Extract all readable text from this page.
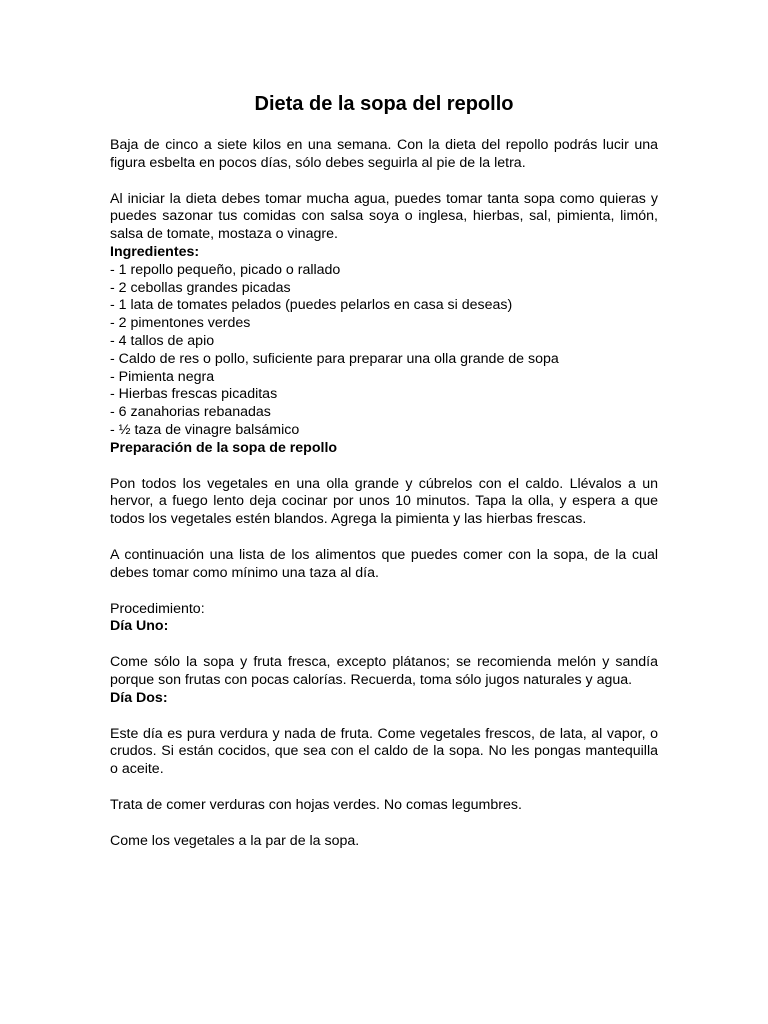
Dieta de la sopa del repollo

Baja de cinco a siete kilos en una semana. Con la dieta del repollo podrás lucir una figura esbelta en pocos días, sólo debes seguirla al pie de la letra.

Al iniciar la dieta debes tomar mucha agua, puedes tomar tanta sopa como quieras y puedes sazonar tus comidas con salsa soya o inglesa, hierbas, sal, pimienta, limón, salsa de tomate, mostaza o vinagre.

Ingredientes:

- 1 repollo pequeño, picado o rallado
- 2 cebollas grandes picadas
- 1 lata de tomates pelados (puedes pelarlos en casa si deseas)
- 2 pimentones verdes
- 4 tallos de apio
- Caldo de res o pollo, suficiente para preparar una olla grande de sopa
- Pimienta negra
- Hierbas frescas picaditas
- 6 zanahorias rebanadas
- ½ taza de vinagre balsámico

Preparación de la sopa de repollo

Pon todos los vegetales en una olla grande y cúbrelos con el caldo. Llévalos a un hervor, a fuego lento deja cocinar por unos 10 minutos. Tapa la olla, y espera a que todos los vegetales estén blandos. Agrega la pimienta y las hierbas frescas.

A continuación una lista de los alimentos que puedes comer con la sopa, de la cual debes tomar como mínimo una taza al día.

Procedimiento:

Día Uno:

Come sólo la sopa y fruta fresca, excepto plátanos; se recomienda melón y sandía porque son frutas con pocas calorías. Recuerda, toma sólo jugos naturales y agua.

Día Dos:

Este día es pura verdura y nada de fruta. Come vegetales frescos, de lata, al vapor, o crudos. Si están cocidos, que sea con el caldo de la sopa. No les pongas mantequilla o aceite.

Trata de comer verduras con hojas verdes. No comas legumbres.

Come los vegetales a la par de la sopa.
